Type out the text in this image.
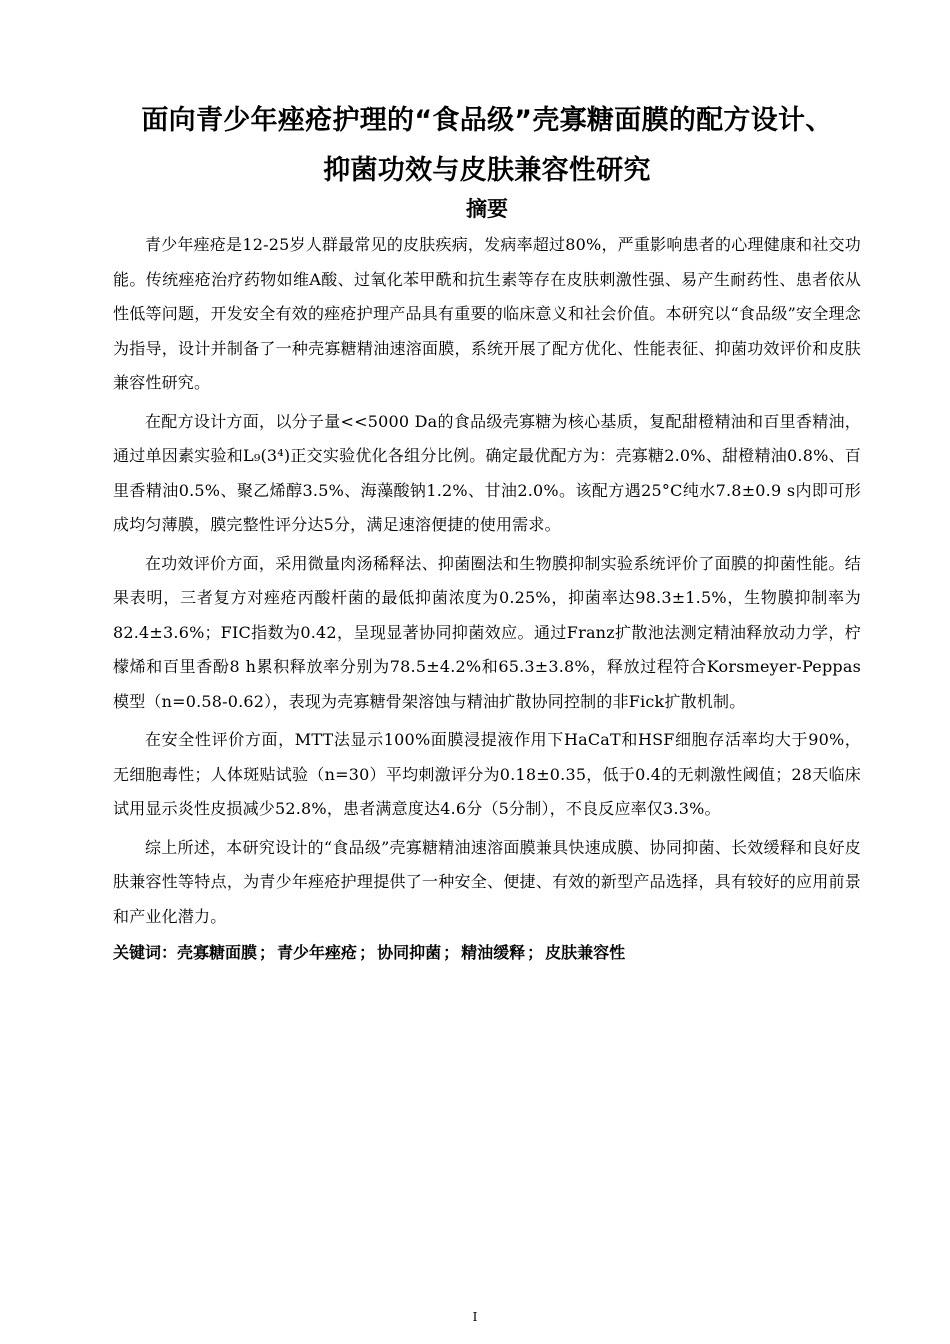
面向青少年痤疮护理的“食品级”壳寡糖面膜的配方设计、
抑菌功效与皮肤兼容性研究
摘要

青少年痤疮是12-25岁人群最常见的皮肤疾病，发病率超过80%，严重影响患者的心理健康和社交功能。传统痤疮治疗药物如维A酸、过氧化苯甲酰和抗生素等存在皮肤刺激性强、易产生耐药性、患者依从性低等问题，开发安全有效的痤疮护理产品具有重要的临床意义和社会价值。本研究以“食品级”安全理念为指导，设计并制备了一种壳寡糖精油速溶面膜，系统开展了配方优化、性能表征、抑菌功效评价和皮肤兼容性研究。

在配方设计方面，以分子量<<5000 Da的食品级壳寡糖为核心基质，复配甜橙精油和百里香精油，通过单因素实验和L₉(3⁴)正交实验优化各组分比例。确定最优配方为：壳寡糖2.0%、甜橙精油0.8%、百里香精油0.5%、聚乙烯醇3.5%、海藻酸钠1.2%、甘油2.0%。该配方遇25°C纯水7.8±0.9 s内即可形成均匀薄膜，膜完整性评分达5分，满足速溶便捷的使用需求。

在功效评价方面，采用微量肉汤稀释法、抑菌圈法和生物膜抑制实验系统评价了面膜的抑菌性能。结果表明，三者复方对痤疮丙酸杆菌的最低抑菌浓度为0.25%，抑菌率达98.3±1.5%，生物膜抑制率为82.4±3.6%；FIC指数为0.42，呈现显著协同抑菌效应。通过Franz扩散池法测定精油释放动力学，柠檬烯和百里香酚8 h累积释放率分别为78.5±4.2%和65.3±3.8%，释放过程符合Korsmeyer-Peppas模型（n=0.58-0.62），表现为壳寡糖骨架溶蚀与精油扩散协同控制的非Fick扩散机制。

在安全性评价方面，MTT法显示100%面膜浸提液作用下HaCaT和HSF细胞存活率均大于90%，无细胞毒性；人体斑贴试验（n=30）平均刺激评分为0.18±0.35，低于0.4的无刺激性阈值；28天临床试用显示炎性皮损减少52.8%，患者满意度达4.6分（5分制），不良反应率仅3.3%。

综上所述，本研究设计的“食品级”壳寡糖精油速溶面膜兼具快速成膜、协同抑菌、长效缓释和良好皮肤兼容性等特点，为青少年痤疮护理提供了一种安全、便捷、有效的新型产品选择，具有较好的应用前景和产业化潜力。

关键词：壳寡糖面膜 ； 青少年痤疮 ； 协同抑菌 ； 精油缓释 ； 皮肤兼容性

I
